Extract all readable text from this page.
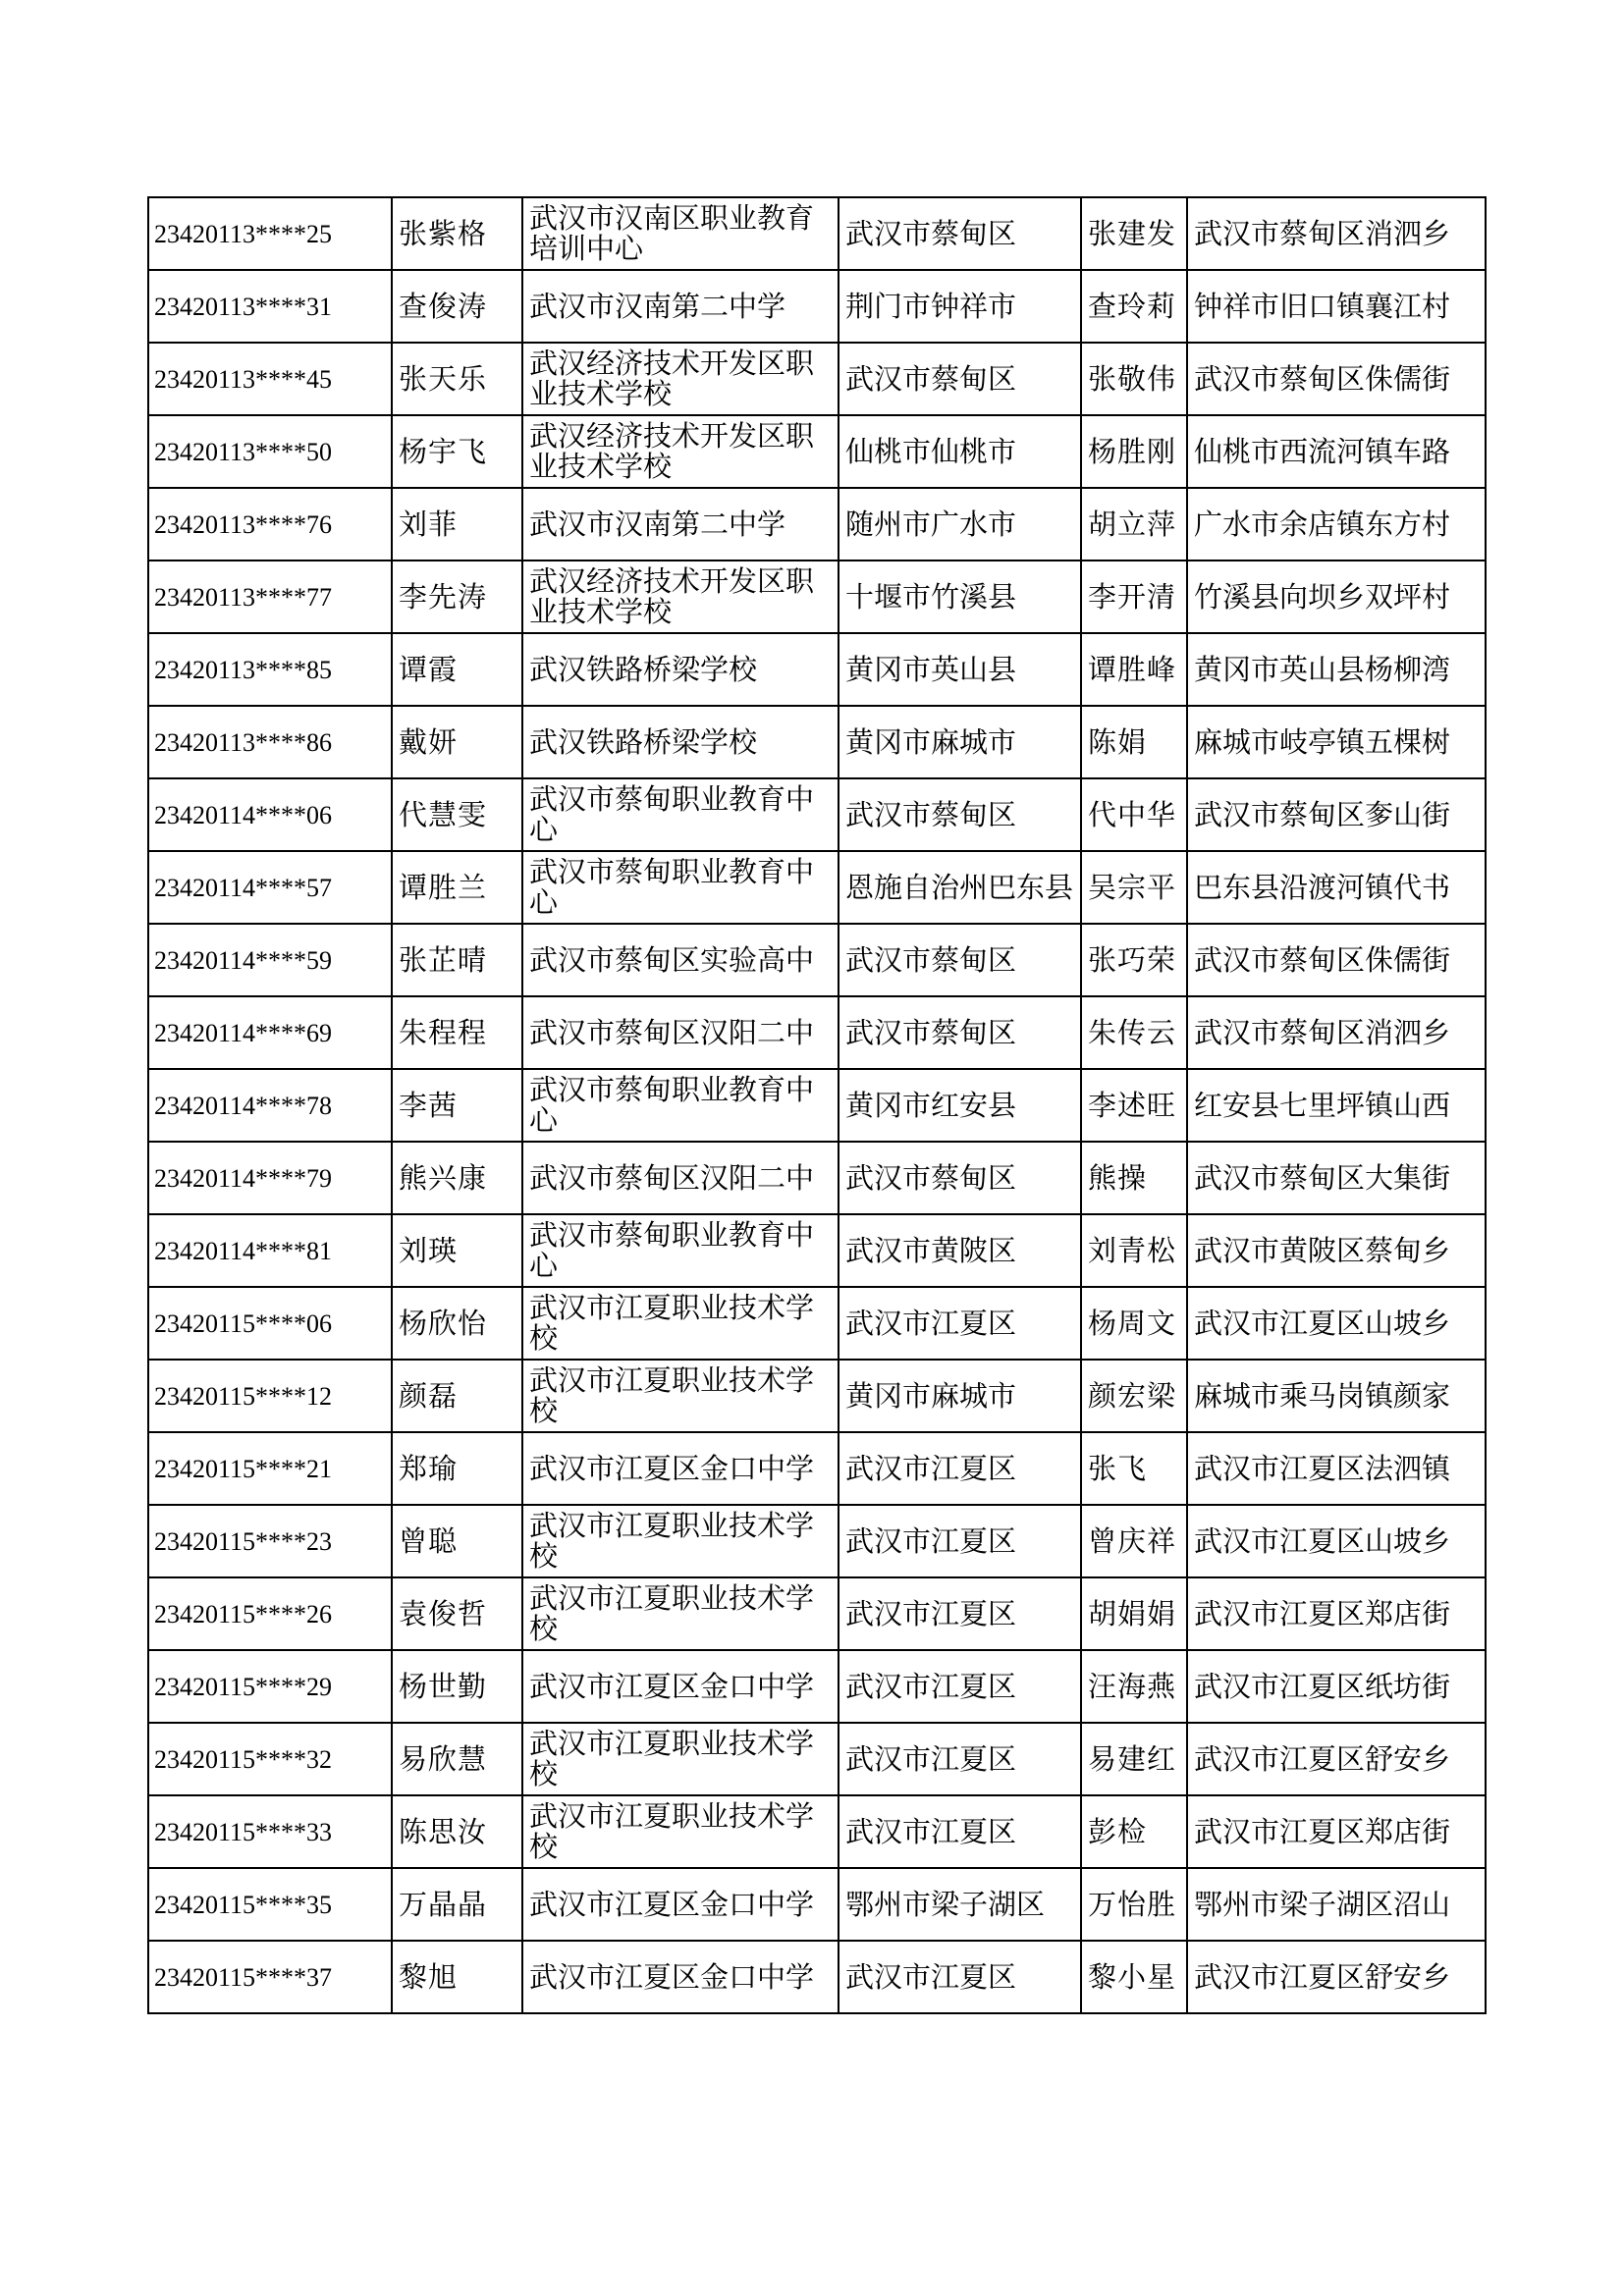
23420113****25	张紫格	武汉市汉南区职业教育培训中心	武汉市蔡甸区	张建发	武汉市蔡甸区消泗乡
23420113****31	查俊涛	武汉市汉南第二中学	荆门市钟祥市	查玲莉	钟祥市旧口镇襄江村
23420113****45	张天乐	武汉经济技术开发区职业技术学校	武汉市蔡甸区	张敬伟	武汉市蔡甸区侏儒街
23420113****50	杨宇飞	武汉经济技术开发区职业技术学校	仙桃市仙桃市	杨胜刚	仙桃市西流河镇车路
23420113****76	刘菲	武汉市汉南第二中学	随州市广水市	胡立萍	广水市余店镇东方村
23420113****77	李先涛	武汉经济技术开发区职业技术学校	十堰市竹溪县	李开清	竹溪县向坝乡双坪村
23420113****85	谭霞	武汉铁路桥梁学校	黄冈市英山县	谭胜峰	黄冈市英山县杨柳湾
23420113****86	戴妍	武汉铁路桥梁学校	黄冈市麻城市	陈娟	麻城市岐亭镇五棵树
23420114****06	代慧雯	武汉市蔡甸职业教育中心	武汉市蔡甸区	代中华	武汉市蔡甸区奓山街
23420114****57	谭胜兰	武汉市蔡甸职业教育中心	恩施自治州巴东县	吴宗平	巴东县沿渡河镇代书
23420114****59	张芷晴	武汉市蔡甸区实验高中	武汉市蔡甸区	张巧荣	武汉市蔡甸区侏儒街
23420114****69	朱程程	武汉市蔡甸区汉阳二中	武汉市蔡甸区	朱传云	武汉市蔡甸区消泗乡
23420114****78	李茜	武汉市蔡甸职业教育中心	黄冈市红安县	李述旺	红安县七里坪镇山西
23420114****79	熊兴康	武汉市蔡甸区汉阳二中	武汉市蔡甸区	熊操	武汉市蔡甸区大集街
23420114****81	刘瑛	武汉市蔡甸职业教育中心	武汉市黄陂区	刘青松	武汉市黄陂区蔡甸乡
23420115****06	杨欣怡	武汉市江夏职业技术学校	武汉市江夏区	杨周文	武汉市江夏区山坡乡
23420115****12	颜磊	武汉市江夏职业技术学校	黄冈市麻城市	颜宏梁	麻城市乘马岗镇颜家
23420115****21	郑瑜	武汉市江夏区金口中学	武汉市江夏区	张飞	武汉市江夏区法泗镇
23420115****23	曾聪	武汉市江夏职业技术学校	武汉市江夏区	曾庆祥	武汉市江夏区山坡乡
23420115****26	袁俊哲	武汉市江夏职业技术学校	武汉市江夏区	胡娟娟	武汉市江夏区郑店街
23420115****29	杨世勤	武汉市江夏区金口中学	武汉市江夏区	汪海燕	武汉市江夏区纸坊街
23420115****32	易欣慧	武汉市江夏职业技术学校	武汉市江夏区	易建红	武汉市江夏区舒安乡
23420115****33	陈思汝	武汉市江夏职业技术学校	武汉市江夏区	彭检	武汉市江夏区郑店街
23420115****35	万晶晶	武汉市江夏区金口中学	鄂州市梁子湖区	万怡胜	鄂州市梁子湖区沼山
23420115****37	黎旭	武汉市江夏区金口中学	武汉市江夏区	黎小星	武汉市江夏区舒安乡
